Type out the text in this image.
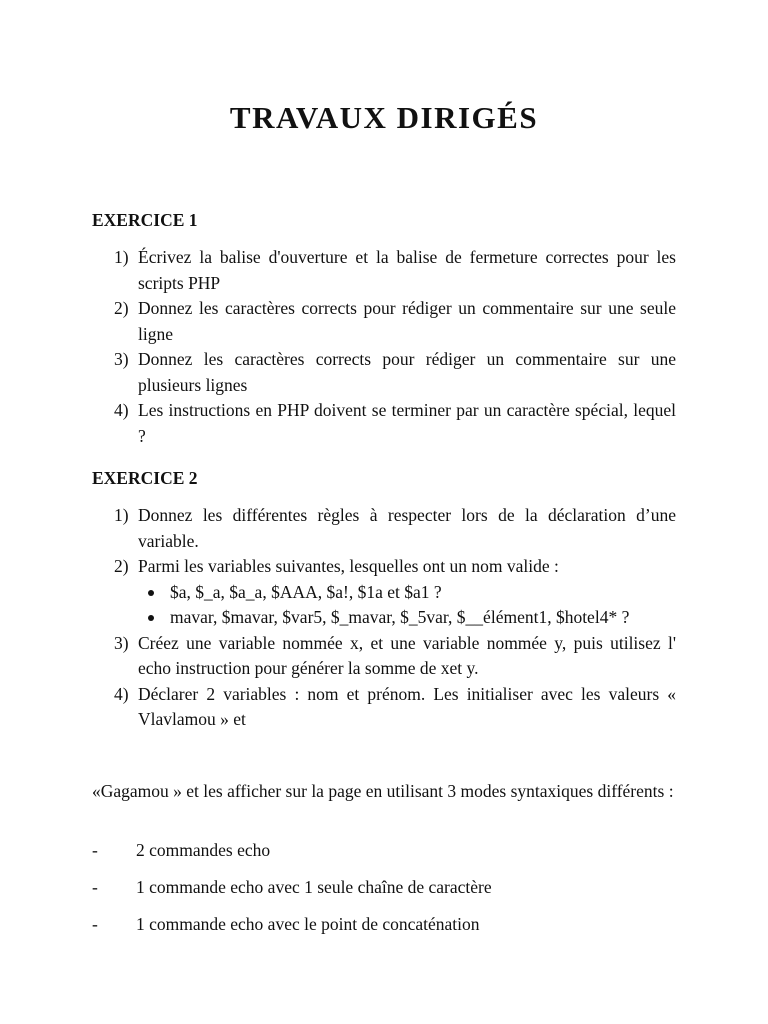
TRAVAUX DIRIGÉS
EXERCICE 1
1) Écrivez la balise d'ouverture et la balise de fermeture correctes pour les scripts PHP
2) Donnez les caractères corrects pour rédiger un commentaire sur une seule ligne
3) Donnez les caractères corrects pour rédiger un commentaire sur une plusieurs lignes
4) Les instructions en PHP doivent se terminer par un caractère spécial, lequel ?
EXERCICE 2
1) Donnez les différentes règles à respecter lors de la déclaration d’une variable.
2) Parmi les variables suivantes, lesquelles ont un nom valide :
$a, $_a, $a_a, $AAA, $a!, $1a et $a1 ?
mavar, $mavar, $var5, $_mavar, $_5var, $__élément1, $hotel4* ?
3) Créez une variable nommée x, et une variable nommée y, puis utilisez l' echo instruction pour générer la somme de xet y.
4) Déclarer 2 variables : nom et prénom. Les initialiser avec les valeurs « Vlavlamou » et

«Gagamou » et les afficher sur la page en utilisant 3 modes syntaxiques différents :

- 2 commandes echo

- 1 commande echo avec 1 seule chaîne de caractère

- 1 commande echo avec le point de concaténation
